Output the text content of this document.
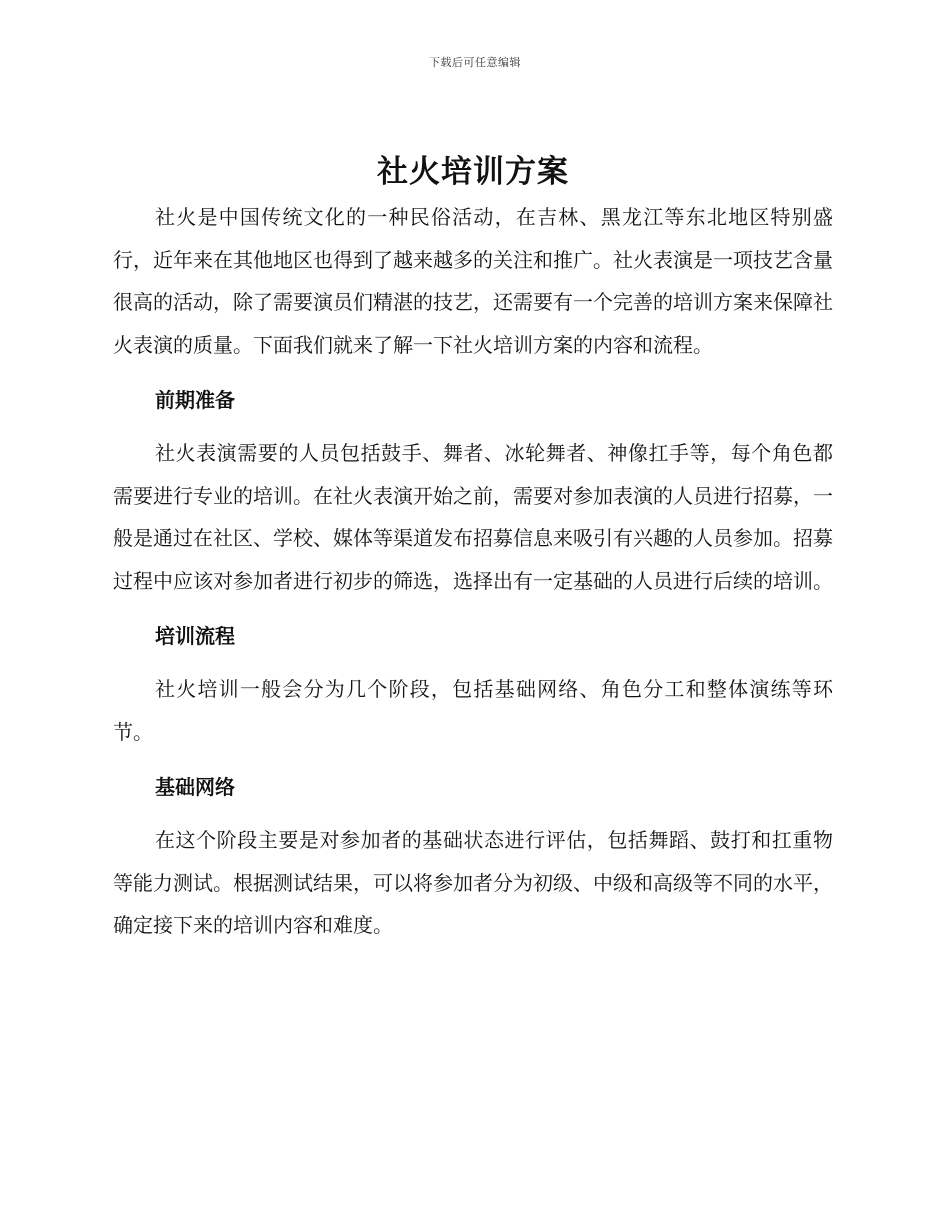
下载后可任意编辑
社火培训方案

社火是中国传统文化的一种民俗活动，在吉林、黑龙江等东北地区特别盛行，近年来在其他地区也得到了越来越多的关注和推广。社火表演是一项技艺含量很高的活动，除了需要演员们精湛的技艺，还需要有一个完善的培训方案来保障社火表演的质量。下面我们就来了解一下社火培训方案的内容和流程。

前期准备

社火表演需要的人员包括鼓手、舞者、冰轮舞者、神像扛手等，每个角色都需要进行专业的培训。在社火表演开始之前，需要对参加表演的人员进行招募，一般是通过在社区、学校、媒体等渠道发布招募信息来吸引有兴趣的人员参加。招募过程中应该对参加者进行初步的筛选，选择出有一定基础的人员进行后续的培训。

培训流程

社火培训一般会分为几个阶段，包括基础网络、角色分工和整体演练等环节。

基础网络

在这个阶段主要是对参加者的基础状态进行评估，包括舞蹈、鼓打和扛重物等能力测试。根据测试结果，可以将参加者分为初级、中级和高级等不同的水平，确定接下来的培训内容和难度。
